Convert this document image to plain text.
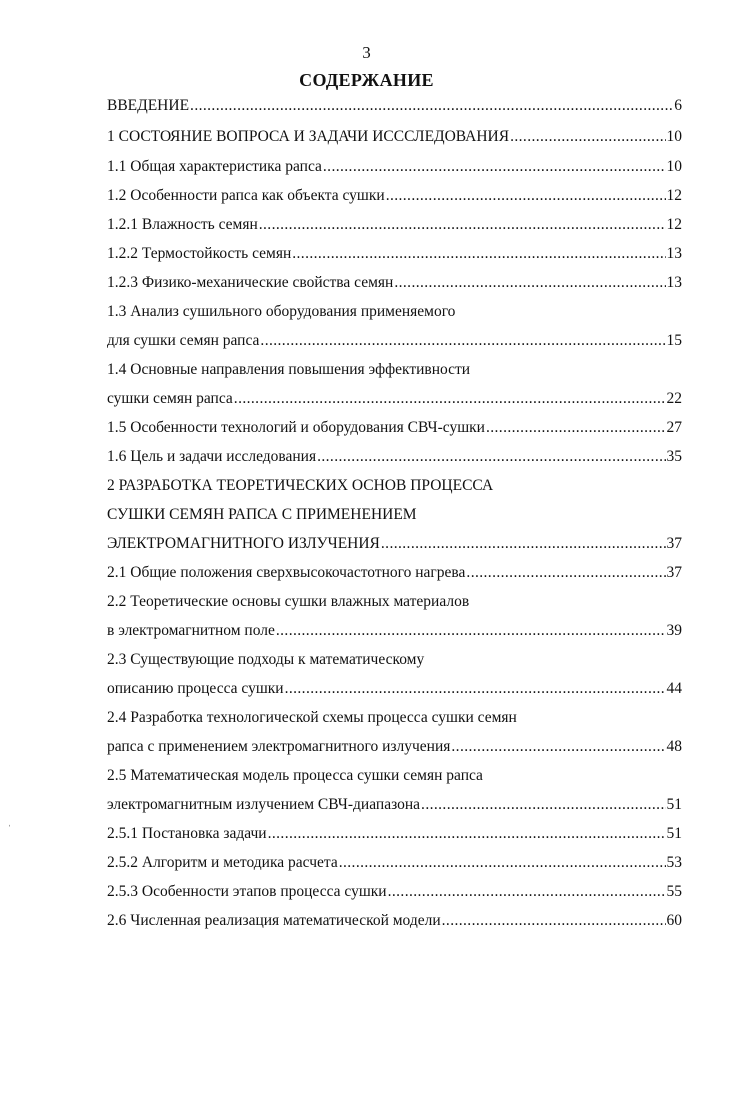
3
СОДЕРЖАНИЕ
ВВЕДЕНИЕ .....	6
1 СОСТОЯНИЕ ВОПРОСА И ЗАДАЧИ ИСССЛЕДОВАНИЯ .....	10
1.1 Общая характеристика рапса .....	10
1.2 Особенности рапса как объекта сушки .....	12
1.2.1 Влажность семян .....	12
1.2.2 Термостойкость семян .....	13
1.2.3 Физико-механические свойства семян .....	13
1.3 Анализ сушильного оборудования применяемого
для сушки семян рапса .....	15
1.4 Основные направления повышения эффективности
сушки семян рапса .....	22
1.5 Особенности технологий и оборудования СВЧ-сушки .....	27
1.6 Цель и задачи исследования .....	35
2 РАЗРАБОТКА ТЕОРЕТИЧЕСКИХ ОСНОВ ПРОЦЕССА
СУШКИ СЕМЯН РАПСА С ПРИМЕНЕНИЕМ
ЭЛЕКТРОМАГНИТНОГО ИЗЛУЧЕНИЯ .....	37
2.1 Общие положения сверхвысокочастотного нагрева .....	37
2.2 Теоретические основы сушки влажных материалов
в электромагнитном поле .....	39
2.3 Существующие подходы к математическому
описанию процесса сушки .....	44
2.4 Разработка технологической схемы процесса сушки семян
рапса с применением электромагнитного излучения .....	48
2.5 Математическая модель процесса сушки семян рапса
электромагнитным излучением СВЧ-диапазона .....	51
2.5.1 Постановка задачи .....	51
2.5.2 Алгоритм и методика расчета .....	53
2.5.3 Особенности этапов процесса сушки .....	55
2.6 Численная реализация математической модели .....	60
ˌ
